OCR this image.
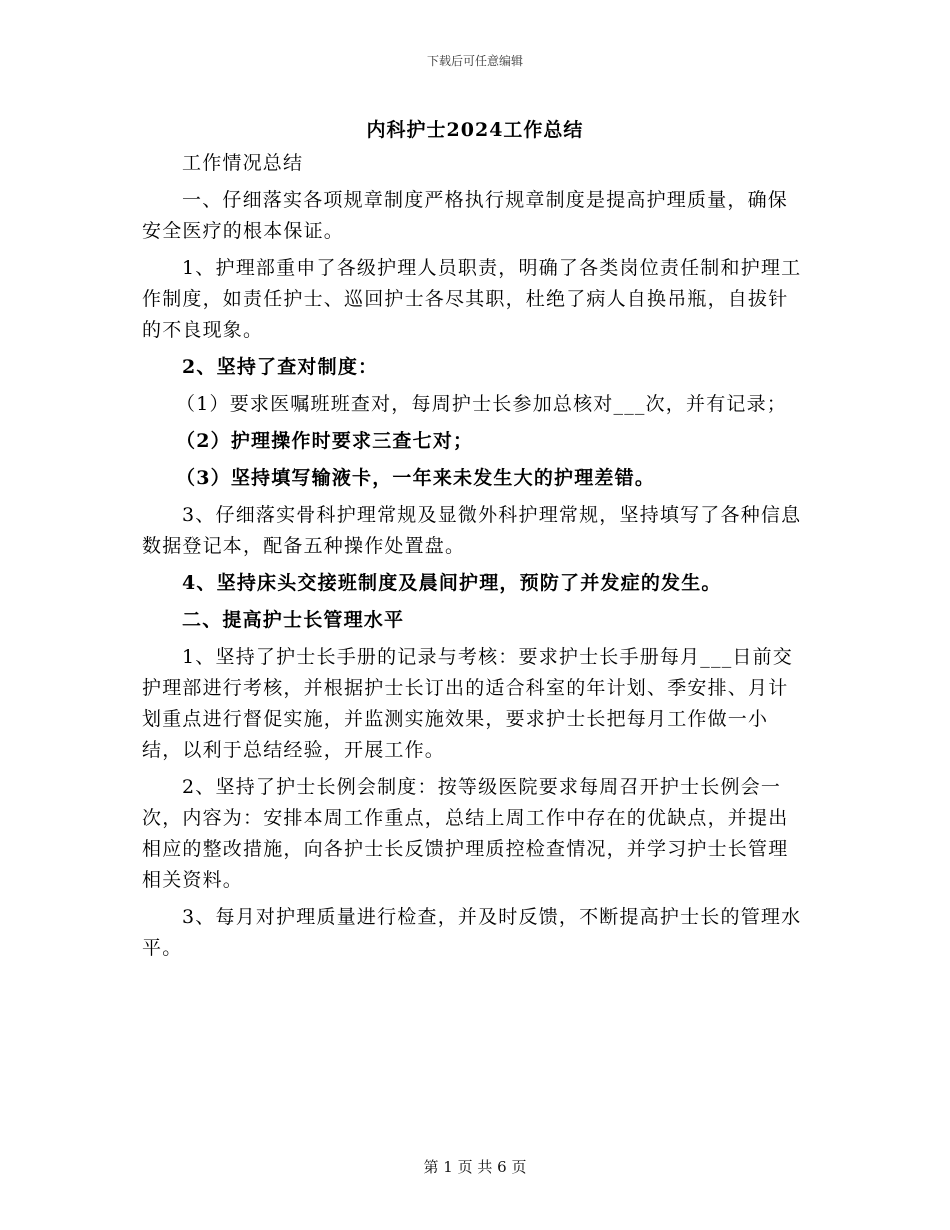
下载后可任意编辑
内科护士2024工作总结

工作情况总结

一、仔细落实各项规章制度严格执行规章制度是提高护理质量，确保安全医疗的根本保证。

1、护理部重申了各级护理人员职责，明确了各类岗位责任制和护理工作制度，如责任护士、巡回护士各尽其职，杜绝了病人自换吊瓶，自拔针的不良现象。

2、坚持了查对制度：

（1）要求医嘱班班查对，每周护士长参加总核对___次，并有记录；

（2）护理操作时要求三查七对；

（3）坚持填写输液卡，一年来未发生大的护理差错。

3、仔细落实骨科护理常规及显微外科护理常规，坚持填写了各种信息数据登记本，配备五种操作处置盘。

4、坚持床头交接班制度及晨间护理，预防了并发症的发生。

二、提高护士长管理水平

1、坚持了护士长手册的记录与考核：要求护士长手册每月___日前交护理部进行考核，并根据护士长订出的适合科室的年计划、季安排、月计划重点进行督促实施，并监测实施效果，要求护士长把每月工作做一小结，以利于总结经验，开展工作。

2、坚持了护士长例会制度：按等级医院要求每周召开护士长例会一次，内容为：安排本周工作重点，总结上周工作中存在的优缺点，并提出相应的整改措施，向各护士长反馈护理质控检查情况，并学习护士长管理相关资料。

3、每月对护理质量进行检查，并及时反馈，不断提高护士长的管理水平。

第 1 页 共 6 页
